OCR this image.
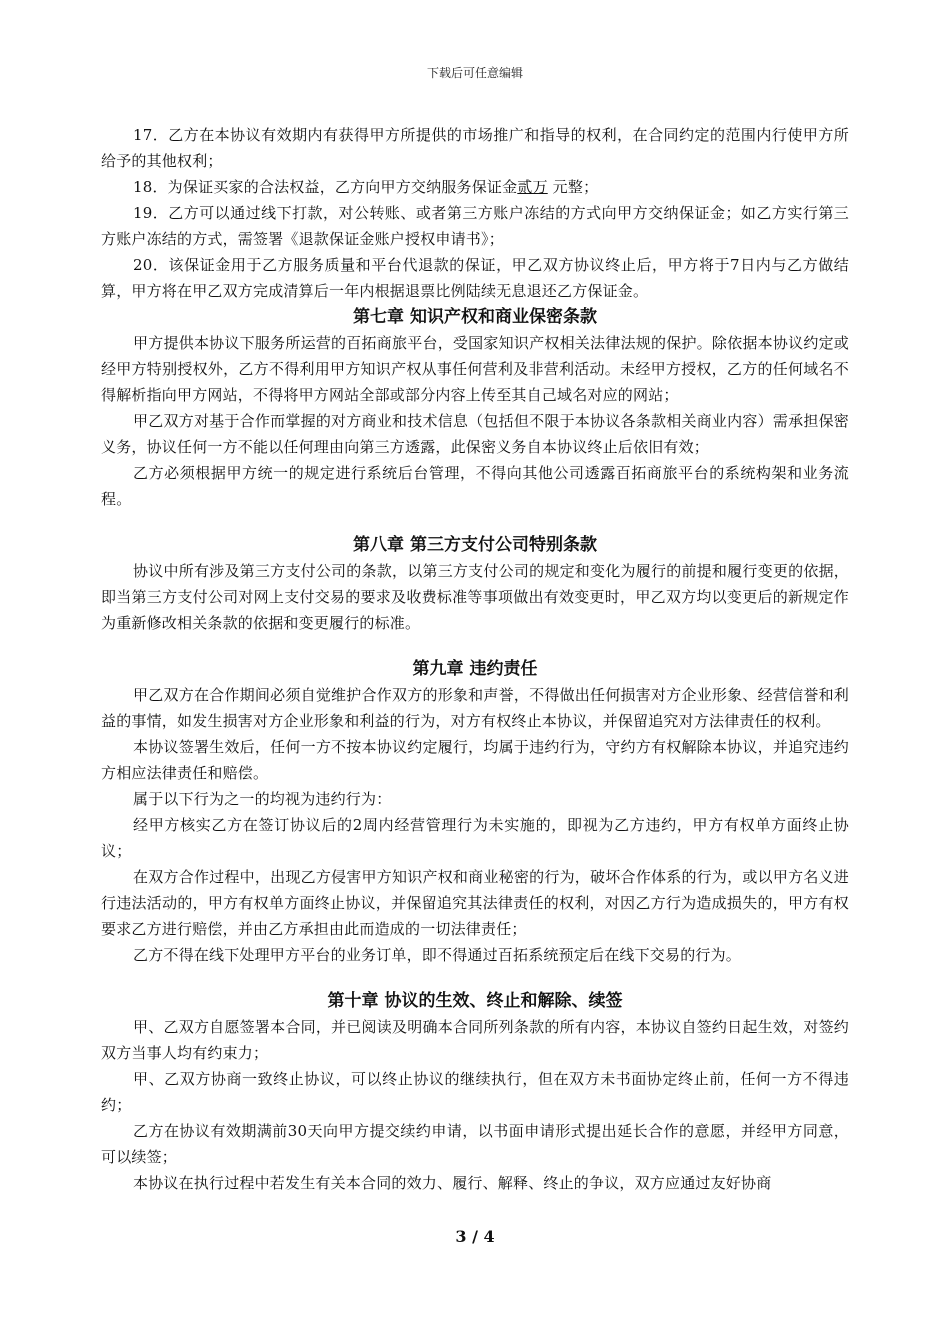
下载后可任意编辑

17．乙方在本协议有效期内有获得甲方所提供的市场推广和指导的权利，在合同约定的范围内行使甲方所给予的其他权利；

18．为保证买家的合法权益，乙方向甲方交纳服务保证金贰万 元整；

19．乙方可以通过线下打款，对公转账、或者第三方账户冻结的方式向甲方交纳保证金；如乙方实行第三方账户冻结的方式，需签署《退款保证金账户授权申请书》；

20．该保证金用于乙方服务质量和平台代退款的保证，甲乙双方协议终止后，甲方将于7日内与乙方做结算，甲方将在甲乙双方完成清算后一年内根据退票比例陆续无息退还乙方保证金。

第七章 知识产权和商业保密条款

甲方提供本协议下服务所运营的百拓商旅平台，受国家知识产权相关法律法规的保护。除依据本协议约定或经甲方特别授权外，乙方不得利用甲方知识产权从事任何营利及非营利活动。未经甲方授权，乙方的任何域名不得解析指向甲方网站，不得将甲方网站全部或部分内容上传至其自己域名对应的网站；

甲乙双方对基于合作而掌握的对方商业和技术信息（包括但不限于本协议各条款相关商业内容）需承担保密义务，协议任何一方不能以任何理由向第三方透露，此保密义务自本协议终止后依旧有效；

乙方必须根据甲方统一的规定进行系统后台管理，不得向其他公司透露百拓商旅平台的系统构架和业务流程。

第八章 第三方支付公司特别条款

协议中所有涉及第三方支付公司的条款，以第三方支付公司的规定和变化为履行的前提和履行变更的依据，即当第三方支付公司对网上支付交易的要求及收费标准等事项做出有效变更时，甲乙双方均以变更后的新规定作为重新修改相关条款的依据和变更履行的标准。

第九章 违约责任

甲乙双方在合作期间必须自觉维护合作双方的形象和声誉，不得做出任何损害对方企业形象、经营信誉和利益的事情，如发生损害对方企业形象和利益的行为，对方有权终止本协议，并保留追究对方法律责任的权利。

本协议签署生效后，任何一方不按本协议约定履行，均属于违约行为，守约方有权解除本协议，并追究违约方相应法律责任和赔偿。

属于以下行为之一的均视为违约行为：

经甲方核实乙方在签订协议后的2周内经营管理行为未实施的，即视为乙方违约，甲方有权单方面终止协议；

在双方合作过程中，出现乙方侵害甲方知识产权和商业秘密的行为，破坏合作体系的行为，或以甲方名义进行违法活动的，甲方有权单方面终止协议，并保留追究其法律责任的权利，对因乙方行为造成损失的，甲方有权要求乙方进行赔偿，并由乙方承担由此而造成的一切法律责任；

乙方不得在线下处理甲方平台的业务订单，即不得通过百拓系统预定后在线下交易的行为。

第十章 协议的生效、终止和解除、续签

甲、乙双方自愿签署本合同，并已阅读及明确本合同所列条款的所有内容，本协议自签约日起生效，对签约双方当事人均有约束力；

甲、乙双方协商一致终止协议，可以终止协议的继续执行，但在双方未书面协定终止前，任何一方不得违约；

乙方在协议有效期满前30天向甲方提交续约申请，以书面申请形式提出延长合作的意愿，并经甲方同意，可以续签；

本协议在执行过程中若发生有关本合同的效力、履行、解释、终止的争议，双方应通过友好协商

3 / 4
